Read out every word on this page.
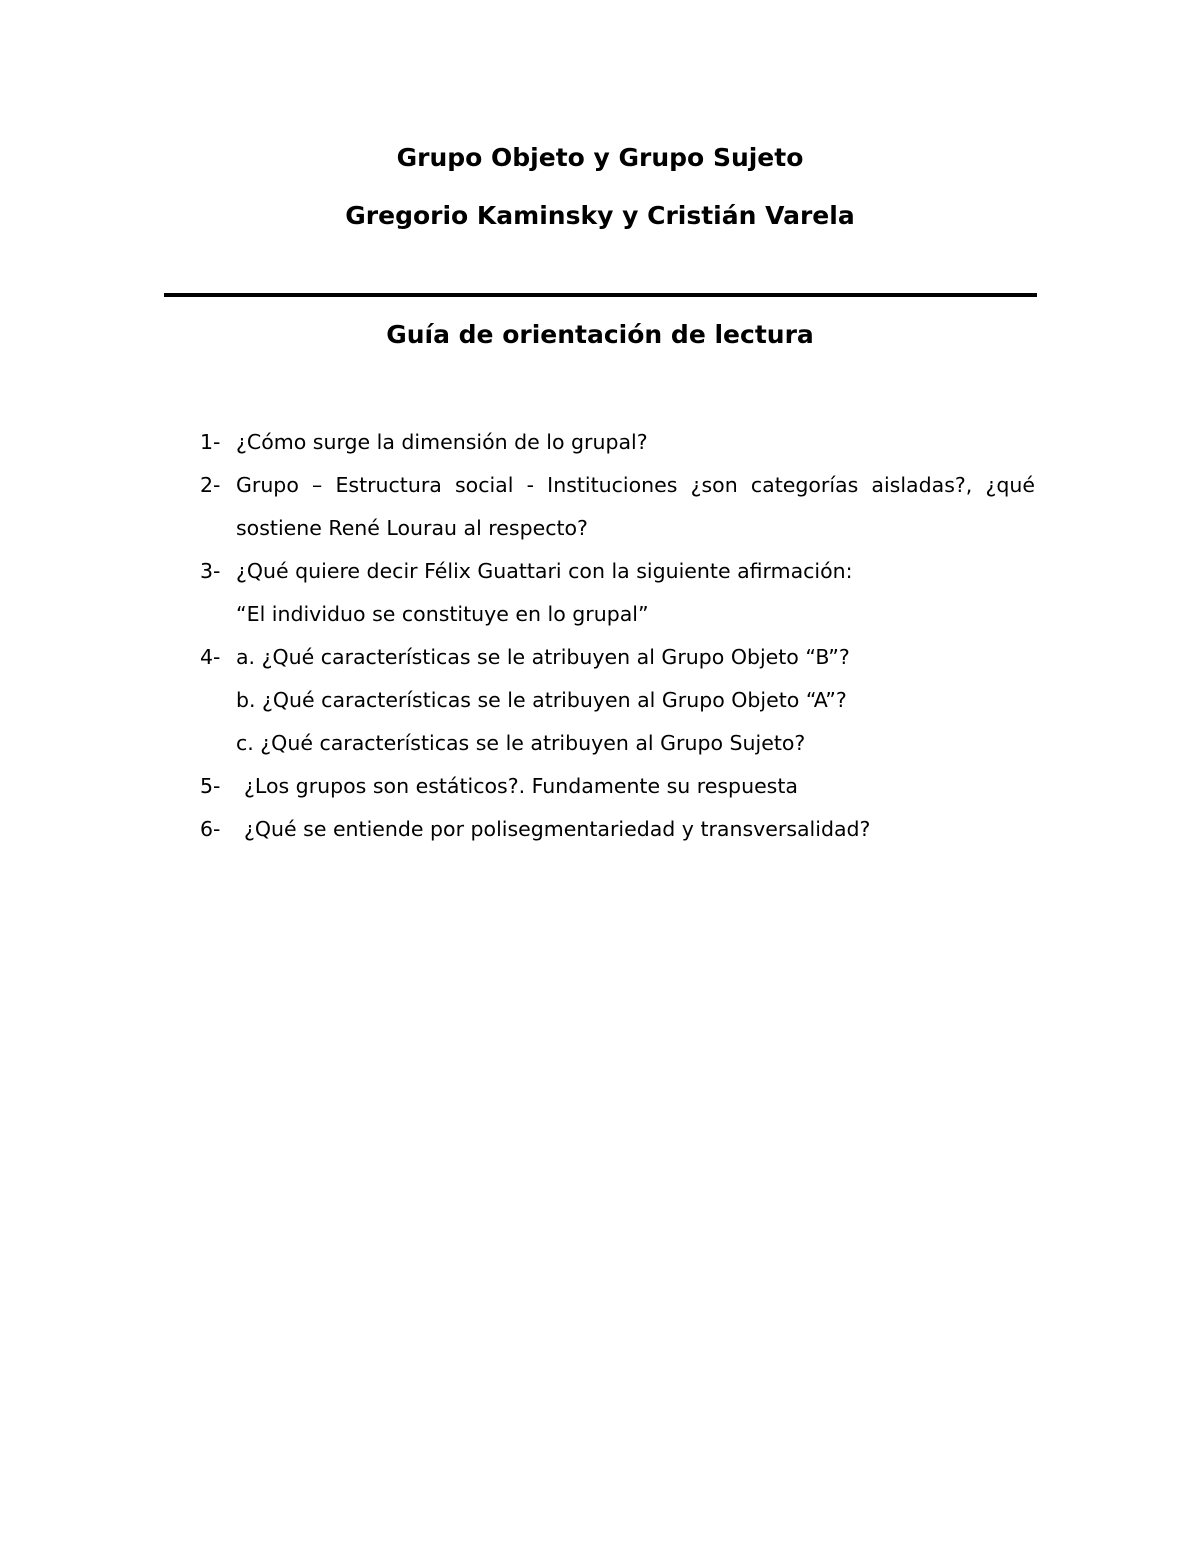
Grupo Objeto y Grupo Sujeto
Gregorio Kaminsky y Cristián Varela
Guía de orientación de lectura
1- ¿Cómo surge la dimensión de lo grupal?
2- Grupo – Estructura social - Instituciones ¿son categorías aisladas?, ¿qué
sostiene René Lourau al respecto?
3- ¿Qué quiere decir Félix Guattari con la siguiente afirmación:
“El individuo se constituye en lo grupal”
4- a. ¿Qué características se le atribuyen al Grupo Objeto “B”?
b. ¿Qué características se le atribuyen al Grupo Objeto “A”?
c. ¿Qué características se le atribuyen al Grupo Sujeto?
5- ¿Los grupos son estáticos?. Fundamente su respuesta
6- ¿Qué se entiende por polisegmentariedad y transversalidad?
